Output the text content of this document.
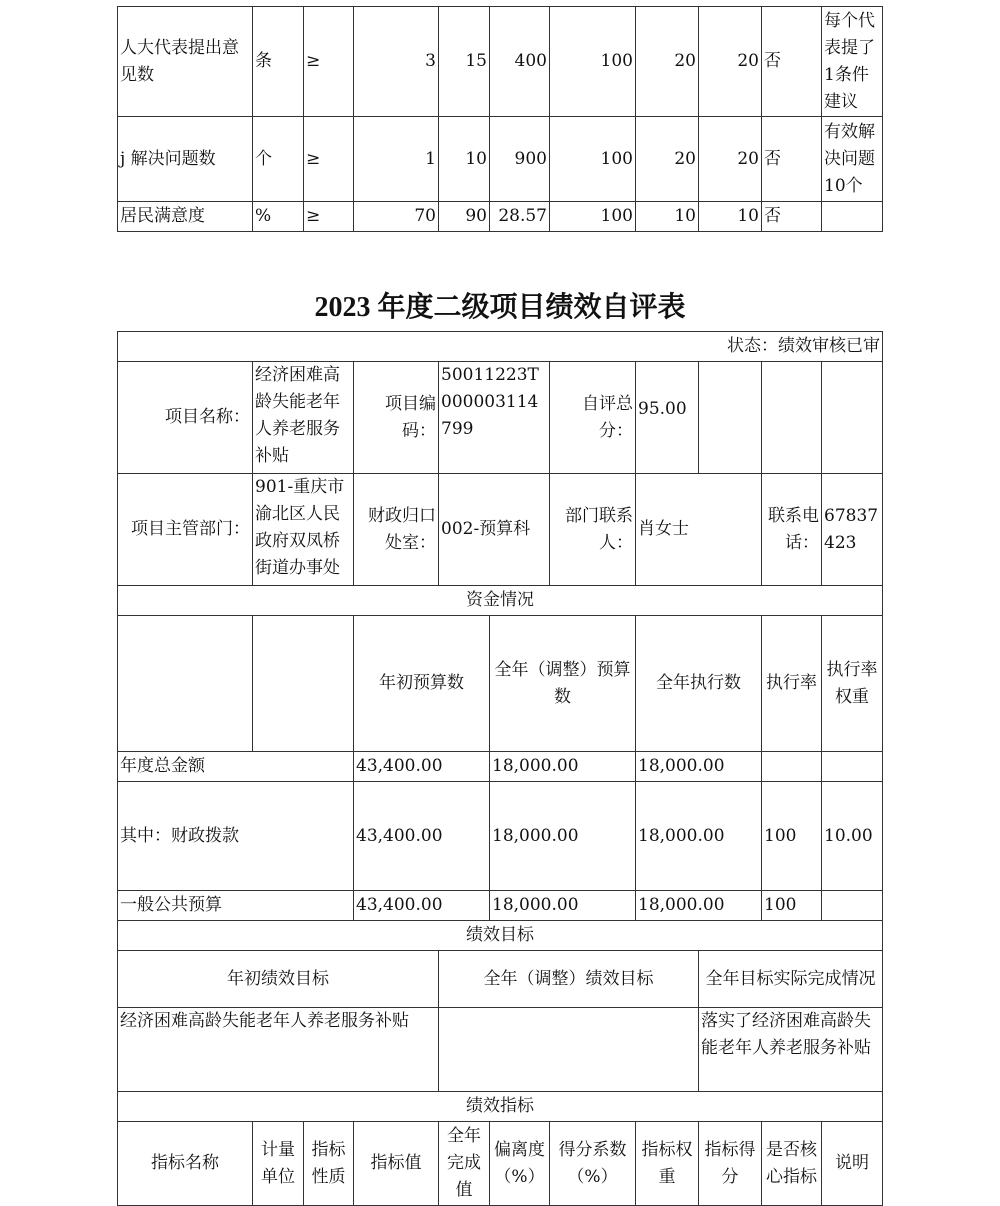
人大代表提出意见数	条	≥	3	15	400	100	20	20	否	每个代表提了1条件建议
j 解决问题数	个	≥	1	10	900	100	20	20	否	有效解决问题10个
居民满意度	%	≥	70	90	28.57	100	10	10	否	
2023 年度二级项目绩效自评表
状态：绩效审核已审											
项目名称：	经济困难高龄失能老年人养老服务补贴		项目编码：	50011223T000003114799		自评总分：	95.00				
项目主管部门：	901-重庆市渝北区人民政府双凤桥街道办事处		财政归口处室：	002-预算科		部门联系人：	肖女士		联系电话：	67837423	
资金情况											
			年初预算数		全年（调整）预算数		全年执行数		执行率	执行率权重	
年度总金额			43,400.00		18,000.00		18,000.00				
其中：财政拨款			43,400.00		18,000.00		18,000.00		100	10.00	
一般公共预算			43,400.00		18,000.00		18,000.00		100		
绩效目标											
年初绩效目标				全年（调整）绩效目标				全年目标实际完成情况			
经济困难高龄失能老年人养老服务补贴								落实了经济困难高龄失能老年人养老服务补贴			
绩效指标											
指标名称	计量单位	指标性质	指标值	全年完成值	偏离度（%）	得分系数（%）	指标权重	指标得分	是否核心指标	说明	
